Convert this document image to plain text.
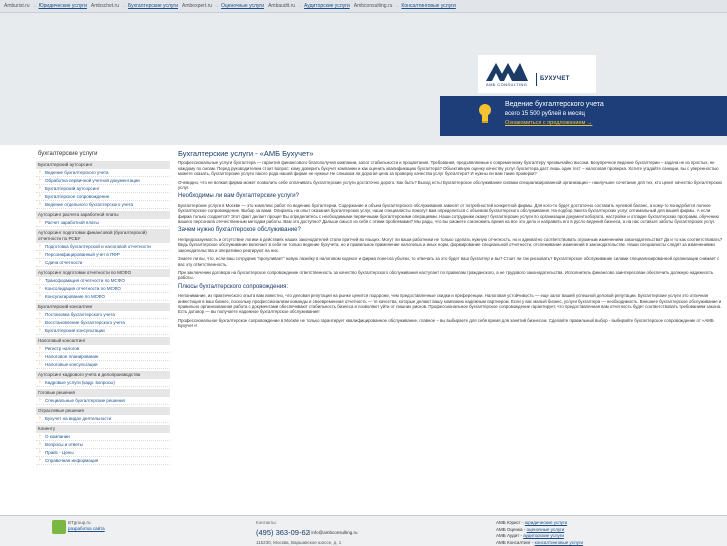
Amburist.ru → Юридические услуги Ambschet.ru → Бухгалтерские услуги Ambexpert.ru → Оценочные услуги Ambaudit.ru → Аудиторские услуги Ambconsulting.ru → Консалтинговые услуги
АМБ CONSULTING
БУХУЧЕТ
Ведение бухгалтерского учета
всего 15 500 рублей в месяц
Ознакомиться с предложением →
бухгалтерские услуги
Бухгалтерский аутсорсинг
› Ведение бухгалтерского учета
› Обработка первичной учетной документации
› Бухгалтерский аутсорсинг
› Бухгалтерское сопровождение
› Ведение отдельного бухгалтерского учета
Аутсорсинг расчета заработной платы
› Расчет заработной платы
Аутсорсинг подготовки финансовой (бухгалтерской) отчетности по РСБУ
› Подготовка бухгалтерской и налоговой отчетности
› Персонифицированный учет в ПФР
› Сдача отчетности
Аутсорсинг подготовки отчетности по МСФО
› Трансформация отчетности по МСФО
› Консолидация отчетности по МСФО
› Консультирование по МСФО
Бухгалтерский консалтинг
› Постановка бухгалтерского учета
› Восстановление бухгалтерского учета
› Бухгалтерские консультации
Налоговый консалтинг
› Регистр налогов
› Налоговое планирование
› Налоговые консультации
Аутсорсинг кадрового учета и делопроизводства
› Кадровые услуги (кадр. вопросы)
Готовые решения
› Специальные бухгалтерские решения
Отраслевые решения
› Бухучет на видах деятельности
Клиенту
› О компании
› Вопросы и ответы
› Прайс - Цены
› Справочная информация
Бухгалтерские услуги - «АМБ Бухучет»

Профессиональные услуги бухгалтера — гарантия финансового благополучия компании, залог стабильности и процветания. Требования, предъявляемые к современному бухгалтеру чрезвычайно высоки. Безупречное ведение бухгалтерии – задача не из простых, не каждому по силам. Перед руководителем стоит вопрос: кому доверить бухучет компании и как оценить квалификацию бухгалтера? Объективную оценку качеству услуг бухгалтера даст лишь один тест – налоговая проверка. Хотите угадайте санкции, вы с уверенностью можете сказать, бухгалтерские услуги такого рода нашей фирме не нужны! Не слишком ли дорогая цена за проверку качества услуг бухгалтера? И нужны ли вам такие проверки?

Очевидно, что не всякая фирма может позволить себе оплачивать бухгалтерские услуги достаточно дорого. Как быть? Выход есть! Бухгалтерское обслуживание силами специализированной организации – наилучшее сочетание для тех, кто ценит качество бухгалтерских услуг.

Необходимы ли вам бухгалтерские услуги?

Бухгалтерские услуги в Москве — это комплекс работ по ведению бухгалтерии. Содержание и объем бухгалтерского обслуживания зависят от потребностей конкретной фирмы. Для кого-то будет достаточно составить нулевой баланс, а кому-то понадобится полное бухгалтерское сопровождение. Выбор за вами. Опираясь на опыт оказания бухгалтерских услуг, наши специалисты помогут вам определиться с объемом бухгалтерского обслуживания. На подбор пакета бухгалтерских услуг оптимальный для вашей фирмы. А если фирма только создается? Этот факт делает проще! Вы определитесь с необходимыми первичными бухгалтерскими операциями. Наши сотрудники окажут бухгалтерские услуги по организации документооборота, настройке и отладке бухгалтерских программ, обучению вашего персонала отечественным методам работы. Вам это доступно? Дальше смысл из себя с этими проблемами? Мы рады, что вы сможете сэкономить время на все это дело и направить его в русло ведения бизнеса, а на нас оставьте заботы бухгалтерских услуг.

Зачем нужно бухгалтерское обслуживание?

Непредсказуемость и отсутствие логики в действиях наших законодателей стали притчей во языцех. Могут ли ваши работники не только сделать нужную отчетность, но и адекватно соответствовать огромным изменениям законодательства? Да и то как соответствовать? Ведь бухгалтерское обслуживание включает в себя не только ведение бухучета, но и правильное применение налоговых и иных норм, формирование специальной отчетности, отслеживание изменений в законодательстве. Наши специалисты следят за изменениями законодательства и оперативно реагируют на них.

Знаете ли вы, что, если ваш сотрудник "прогуливает" новую лазейку в налоговом кодексе и фирма понесла убытки, то отвечать за это будет ваш бухгалтер и вы? Стоит ли так рисковать? Бухгалтерское обслуживание силами специализированной организации снимает с вас эту ответственность.

При заключении договора на бухгалтерское сопровождение ответственность за качество бухгалтерского обслуживания наступает по правилам гражданского, а не трудового законодательства. Исполнитель финансово заинтересован обеспечить должную надежность работы.

Плюсы бухгалтерского сопровождения:

Непонимание, из практического опыта вам известно, что деловая репутация на рынке ценится подороже, чем предоставленные скидки и преференции. Налоговая устойчивость — еще залог вашей успешной деловой репутации. Бухгалтерские услуги это отличная инвестиция в ваш бизнес, поскольку профессионализм команды и своевременная отчетность — те качества, которые делают вашу компанию надежным партнером. Если у вас малый бизнес, услуги бухгалтера — необходимость. Внешнее бухгалтерское обслуживание и правильно организованная работа с документами обеспечивают стабильность бизнеса и позволяют уйти от лишних рисков. Профессиональное бухгалтерское сопровождение гарантирует, что предоставленная вам отчетность будет соответствовать требованиям закона. Есть договор — вы получаете надежное бухгалтерское обслуживание!

Профессиональное бухгалтерское сопровождение в Москве не только гарантирует квалифицированное обслуживание, главное – вы выбираете для себя время для занятий бизнесом. Сделайте правильный выбор - выбирайте бухгалтерское сопровождение от «АМБ Бухучет»!

BTgroup.ru
разработка сайта
Контакты:
(495) 363-09-62 | info@ambconsulting.ru
115230, Москва, Варшавское шоссе, д. 1
АМБ Юрист - юридические услуги
АМБ Оценка - оценочные услуги
АМБ Аудит - аудиторские услуги
АМБ Консалтинг - консалтинговые услуги
